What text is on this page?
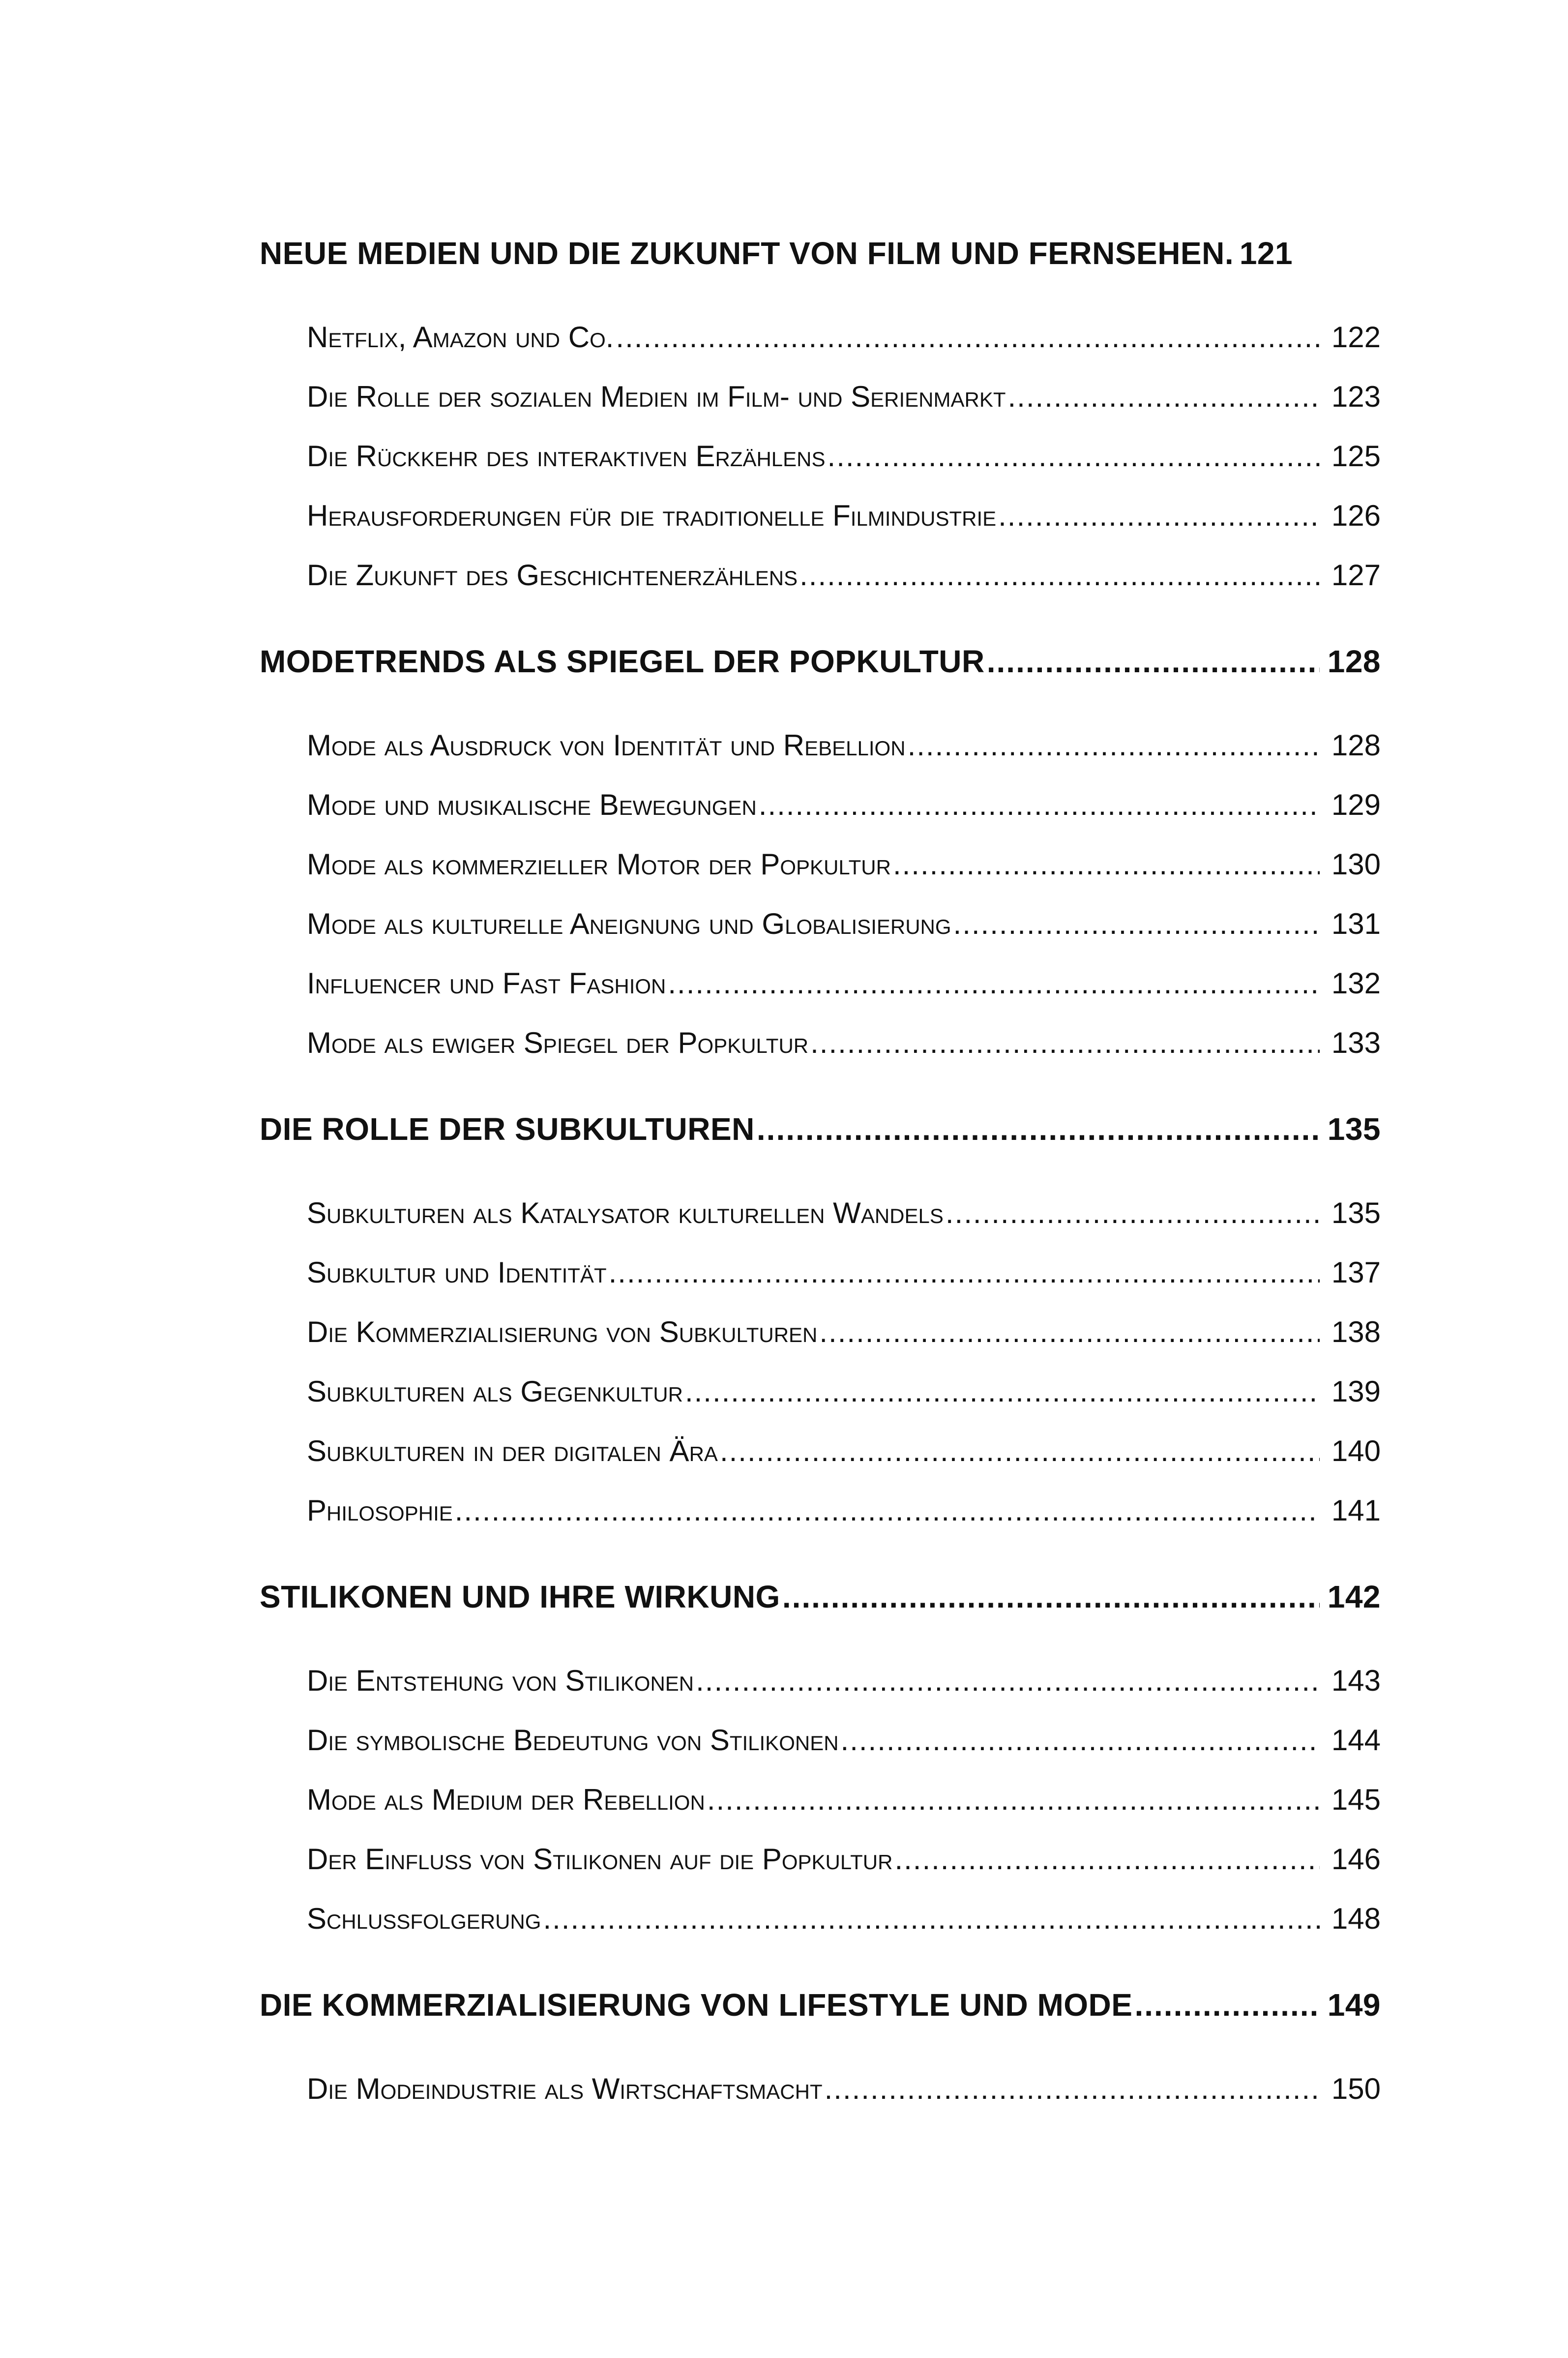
NEUE MEDIEN UND DIE ZUKUNFT VON FILM UND FERNSEHEN. 121
Netflix, Amazon und Co. .....	122
Die Rolle der sozialen Medien im Film- und Serienmarkt .....	123
Die Rückkehr des interaktiven Erzählens .....	125
Herausforderungen für die traditionelle Filmindustrie .....	126
Die Zukunft des Geschichtenerzählens .....	127
MODETRENDS ALS SPIEGEL DER POPKULTUR .....	128
Mode als Ausdruck von Identität und Rebellion .....	128
Mode und musikalische Bewegungen .....	129
Mode als kommerzieller Motor der Popkultur .....	130
Mode als kulturelle Aneignung und Globalisierung .....	131
Influencer und Fast Fashion .....	132
Mode als ewiger Spiegel der Popkultur .....	133
DIE ROLLE DER SUBKULTUREN .....	135
Subkulturen als Katalysator kulturellen Wandels .....	135
Subkultur und Identität .....	137
Die Kommerzialisierung von Subkulturen .....	138
Subkulturen als Gegenkultur .....	139
Subkulturen in der digitalen Ära .....	140
Philosophie .....	141
STILIKONEN UND IHRE WIRKUNG .....	142
Die Entstehung von Stilikonen .....	143
Die symbolische Bedeutung von Stilikonen .....	144
Mode als Medium der Rebellion .....	145
Der Einfluss von Stilikonen auf die Popkultur .....	146
Schlussfolgerung .....	148
DIE KOMMERZIALISIERUNG VON LIFESTYLE UND MODE .....	149
Die Modeindustrie als Wirtschaftsmacht .....	150
